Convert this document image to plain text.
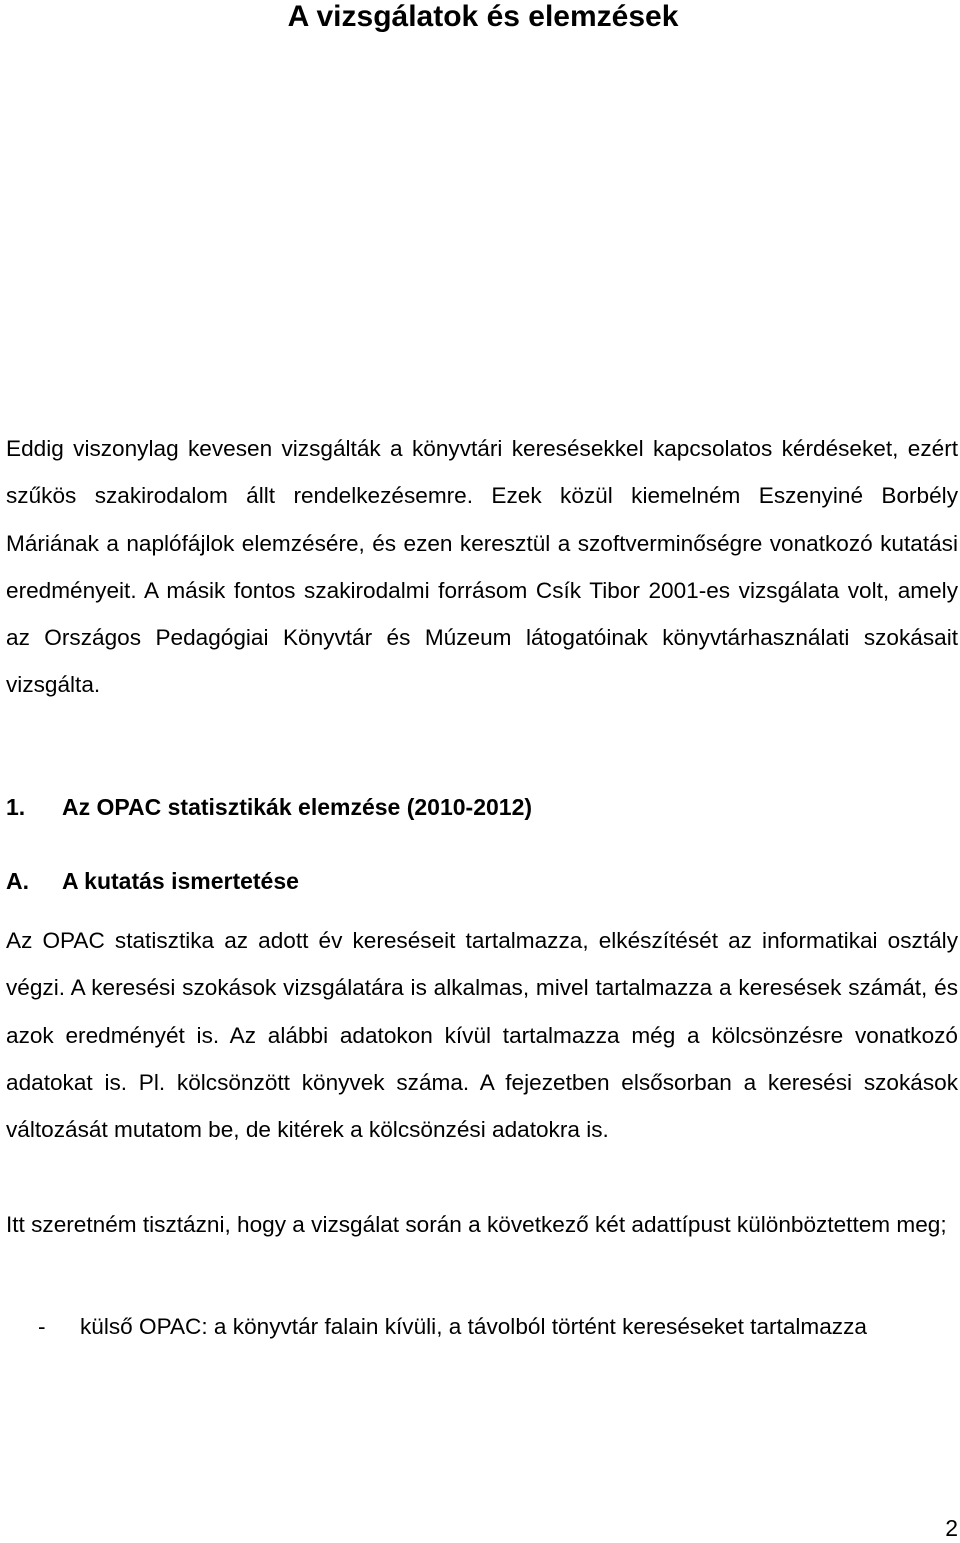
A vizsgálatok és elemzések

Eddig viszonylag kevesen vizsgálták a könyvtári keresésekkel kapcsolatos kérdéseket, ezért szűkös szakirodalom állt rendelkezésemre. Ezek közül kiemelném Eszenyiné Borbély Máriának a naplófájlok elemzésére, és ezen keresztül a szoftverminőségre vonatkozó kutatási eredményeit. A másik fontos szakirodalmi forrásom Csík Tibor 2001-es vizsgálata volt, amely az Országos Pedagógiai Könyvtár és Múzeum látogatóinak könyvtárhasználati szokásait vizsgálta.

1. Az OPAC statisztikák elemzése (2010-2012)
A. A kutatás ismertetése

Az OPAC statisztika az adott év kereséseit tartalmazza, elkészítését az informatikai osztály végzi. A keresési szokások vizsgálatára is alkalmas, mivel tartalmazza a keresések számát, és azok eredményét is. Az alábbi adatokon kívül tartalmazza még a kölcsönzésre vonatkozó adatokat is. Pl. kölcsönzött könyvek száma. A fejezetben elsősorban a keresési szokások változását mutatom be, de kitérek a kölcsönzési adatokra is.

Itt szeretném tisztázni, hogy a vizsgálat során a következő két adattípust különböztettem meg;

- külső OPAC: a könyvtár falain kívüli, a távolból történt kereséseket tartalmazza
2
